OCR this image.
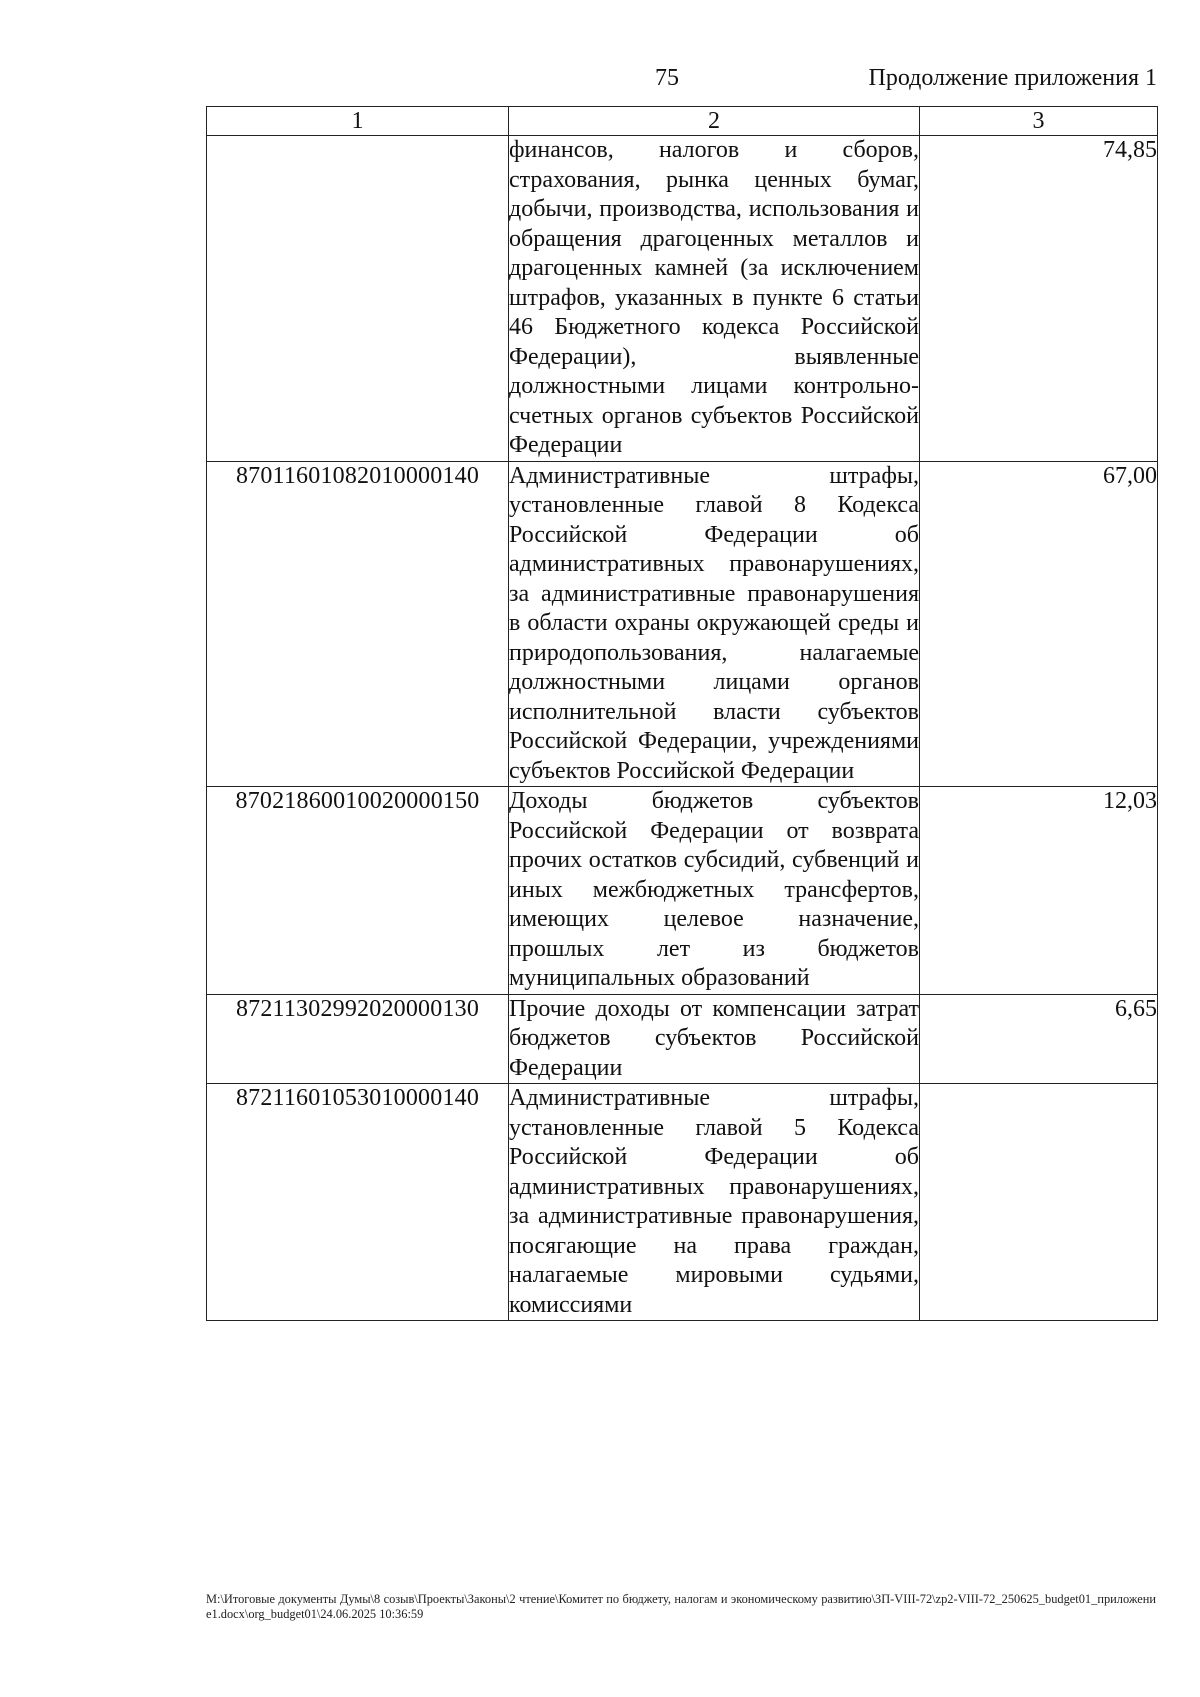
75	Продолжение приложения 1
1	2	3
	финансов, налогов и сборов, страхования, рынка ценных бумаг, добычи, производства, использования и обращения драгоценных металлов и драгоценных камней (за исключением штрафов, указанных в пункте 6 статьи 46 Бюджетного кодекса Российской Федерации), выявленные должностными лицами контрольно-счетных органов субъектов Российской Федерации	74,85
87011601082010000140	Административные штрафы, установленные главой 8 Кодекса Российской Федерации об административных правонарушениях, за административные правонарушения в области охраны окружающей среды и природопользования, налагаемые должностными лицами органов исполнительной власти субъектов Российской Федерации, учреждениями субъектов Российской Федерации	67,00
87021860010020000150	Доходы бюджетов субъектов Российской Федерации от возврата прочих остатков субсидий, субвенций и иных межбюджетных трансфертов, имеющих целевое назначение, прошлых лет из бюджетов муниципальных образований	12,03
87211302992020000130	Прочие доходы от компенсации затрат бюджетов субъектов Российской Федерации	6,65
87211601053010000140	Административные штрафы, установленные главой 5 Кодекса Российской Федерации об административных правонарушениях, за административные правонарушения, посягающие на права граждан, налагаемые мировыми судьями, комиссиями	
M:\Итоговые документы Думы\8 созыв\Проекты\Законы\2 чтение\Комитет по бюджету, налогам и экономическому развитию\ЗП-VIII-72\zp2-VIII-72_250625_budget01_приложение1.docx\org_budget01\24.06.2025 10:36:59
